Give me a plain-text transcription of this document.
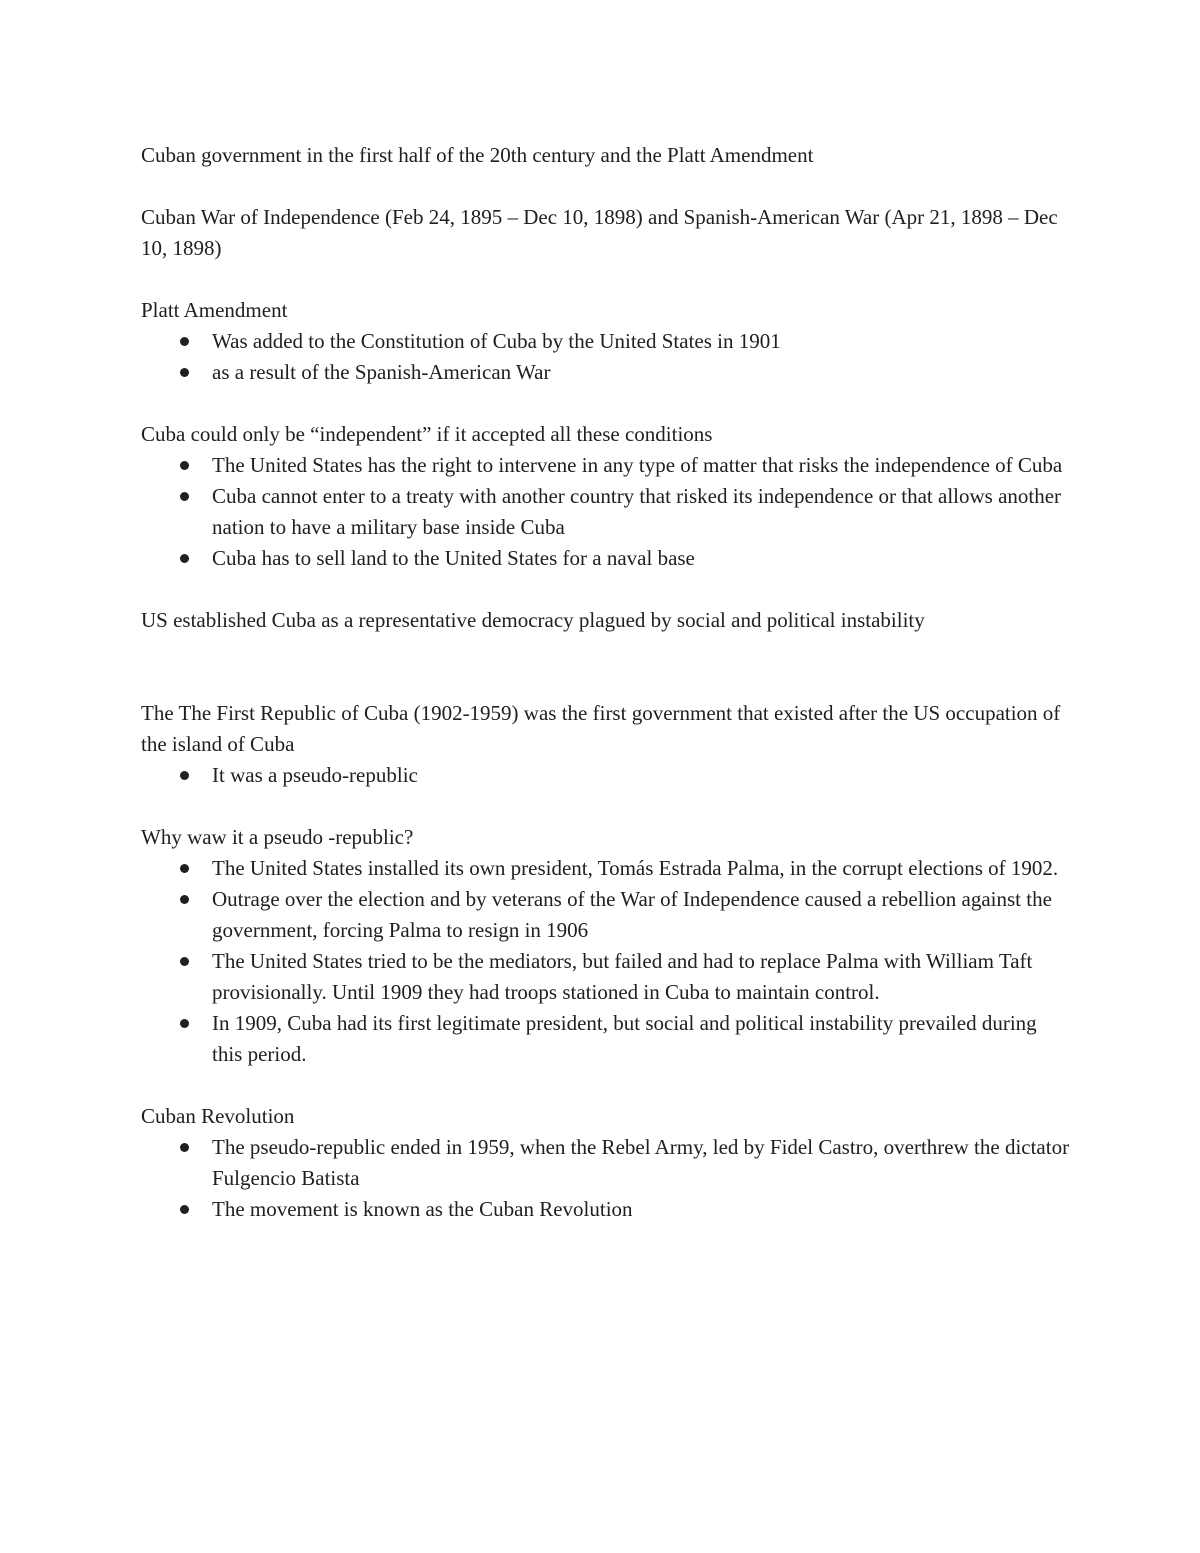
Cuban government in the first half of the 20th century and the Platt Amendment

Cuban War of Independence (Feb 24, 1895 – Dec 10, 1898) and Spanish-American War (Apr 21, 1898 – Dec 10, 1898)

Platt Amendment

Was added to the Constitution of Cuba by the United States in 1901
as a result of the Spanish-American War

Cuba could only be “independent” if it accepted all these conditions

The United States has the right to intervene in any type of matter that risks the independence of Cuba
Cuba cannot enter to a treaty with another country that risked its independence or that allows another nation to have a military base inside Cuba
Cuba has to sell land to the United States for a naval base

US established Cuba as a representative democracy plagued by social and political instability

The The First Republic of Cuba (1902-1959) was the first government that existed after the US occupation of the island of Cuba

It was a pseudo-republic

Why waw it a pseudo -republic?

The United States installed its own president, Tomás Estrada Palma, in the corrupt elections of 1902.
Outrage over the election and by veterans of the War of Independence caused a rebellion against the government, forcing Palma to resign in 1906
The United States tried to be the mediators, but failed and had to replace Palma with William Taft provisionally. Until 1909 they had troops stationed in Cuba to maintain control.
In 1909, Cuba had its first legitimate president, but social and political instability prevailed during this period.

Cuban Revolution

The pseudo-republic ended in 1959, when the Rebel Army, led by Fidel Castro, overthrew the dictator Fulgencio Batista
The movement is known as the Cuban Revolution
